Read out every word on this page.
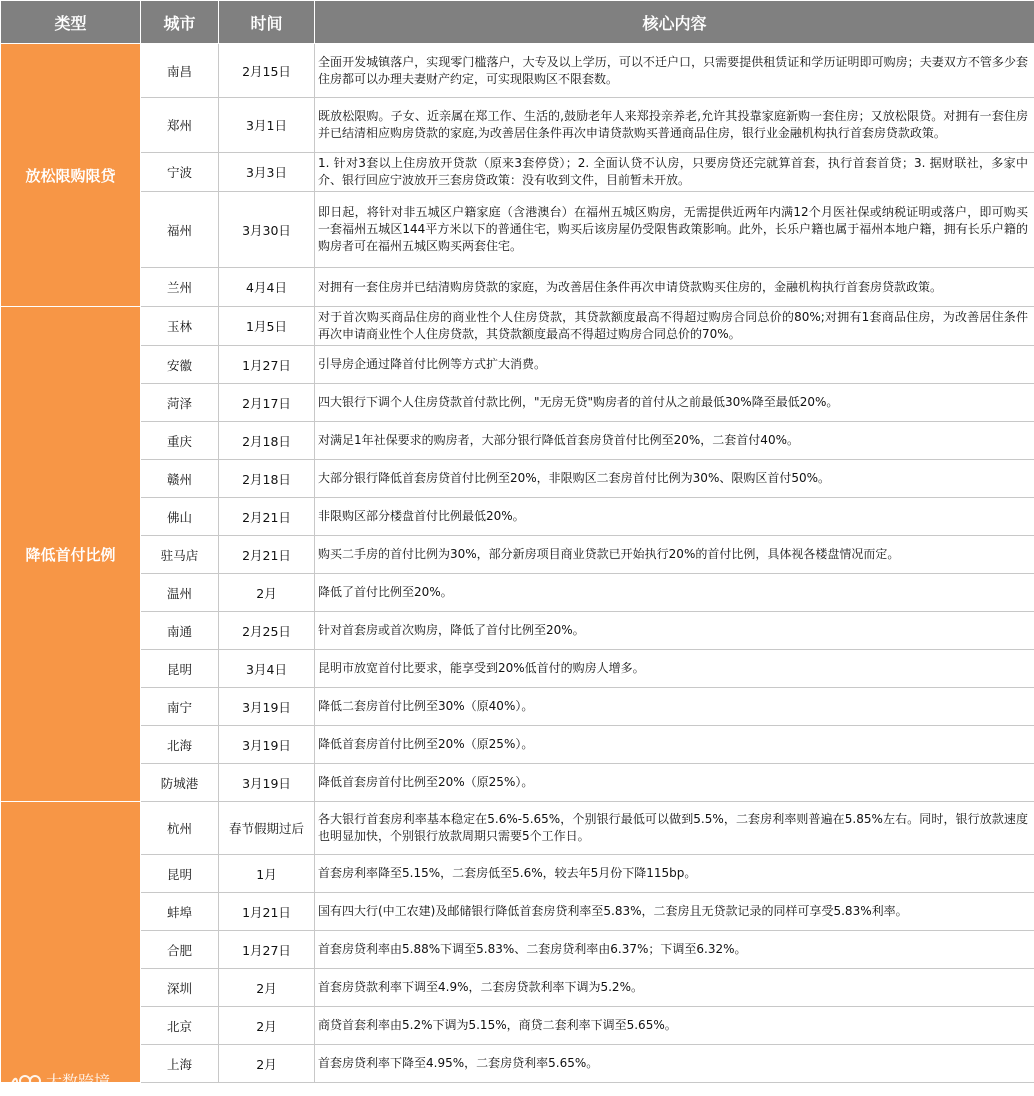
类型	城市	时间	核心内容
放松限购限贷	南昌	2月15日	全面开发城镇落户，实现零门槛落户，大专及以上学历，可以不迁户口，只需要提供租赁证和学历证明即可购房；夫妻双方不管多少套住房都可以办理夫妻财产约定，可实现限购区不限套数。
	郑州	3月1日	既放松限购。子女、近亲属在郑工作、生活的,鼓励老年人来郑投亲养老,允许其投靠家庭新购一套住房；又放松限贷。对拥有一套住房并已结清相应购房贷款的家庭,为改善居住条件再次申请贷款购买普通商品住房，银行业金融机构执行首套房贷款政策。
	宁波	3月3日	1. 针对3套以上住房放开贷款（原来3套停贷）；2. 全面认贷不认房，只要房贷还完就算首套，执行首套首贷；3. 据财联社，多家中介、银行回应宁波放开三套房贷政策：没有收到文件，目前暂未开放。
	福州	3月30日	即日起，将针对非五城区户籍家庭（含港澳台）在福州五城区购房，无需提供近两年内满12个月医社保或纳税证明或落户，即可购买一套福州五城区144平方米以下的普通住宅，购买后该房屋仍受限售政策影响。此外，长乐户籍也属于福州本地户籍，拥有长乐户籍的购房者可在福州五城区购买两套住宅。
	兰州	4月4日	对拥有一套住房并已结清购房贷款的家庭，为改善居住条件再次申请贷款购买住房的，金融机构执行首套房贷款政策。
降低首付比例	玉林	1月5日	对于首次购买商品住房的商业性个人住房贷款，其贷款额度最高不得超过购房合同总价的80%;对拥有1套商品住房，为改善居住条件再次申请商业性个人住房贷款，其贷款额度最高不得超过购房合同总价的70%。
	安徽	1月27日	引导房企通过降首付比例等方式扩大消费。
	菏泽	2月17日	四大银行下调个人住房贷款首付款比例，"无房无贷"购房者的首付从之前最低30%降至最低20%。
	重庆	2月18日	对满足1年社保要求的购房者，大部分银行降低首套房贷首付比例至20%，二套首付40%。
	赣州	2月18日	大部分银行降低首套房贷首付比例至20%，非限购区二套房首付比例为30%、限购区首付50%。
	佛山	2月21日	非限购区部分楼盘首付比例最低20%。
	驻马店	2月21日	购买二手房的首付比例为30%，部分新房项目商业贷款已开始执行20%的首付比例，具体视各楼盘情况而定。
	温州	2月	降低了首付比例至20%。
	南通	2月25日	针对首套房或首次购房，降低了首付比例至20%。
	昆明	3月4日	昆明市放宽首付比要求，能享受到20%低首付的购房人增多。
	南宁	3月19日	降低二套房首付比例至30%（原40%）。
	北海	3月19日	降低首套房首付比例至20%（原25%）。
	防城港	3月19日	降低首套房首付比例至20%（原25%）。
	杭州	春节假期过后	各大银行首套房利率基本稳定在5.6%-5.65%，个别银行最低可以做到5.5%，二套房利率则普遍在5.85%左右。同时，银行放款速度也明显加快，个别银行放款周期只需要5个工作日。
	昆明	1月	首套房利率降至5.15%，二套房低至5.6%，较去年5月份下降115bp。
	蚌埠	1月21日	国有四大行(中工农建)及邮储银行降低首套房贷利率至5.83%，二套房且无贷款记录的同样可享受5.83%利率。
	合肥	1月27日	首套房贷利率由5.88%下调至5.83%、二套房贷利率由6.37%；下调至6.32%。
	深圳	2月	首套房贷款利率下调至4.9%，二套房贷款利率下调为5.2%。
	北京	2月	商贷首套利率由5.2%下调为5.15%，商贷二套利率下调至5.65%。
	上海	2月	首套房贷利率下降至4.95%，二套房贷利率5.65%。
大数跨境
